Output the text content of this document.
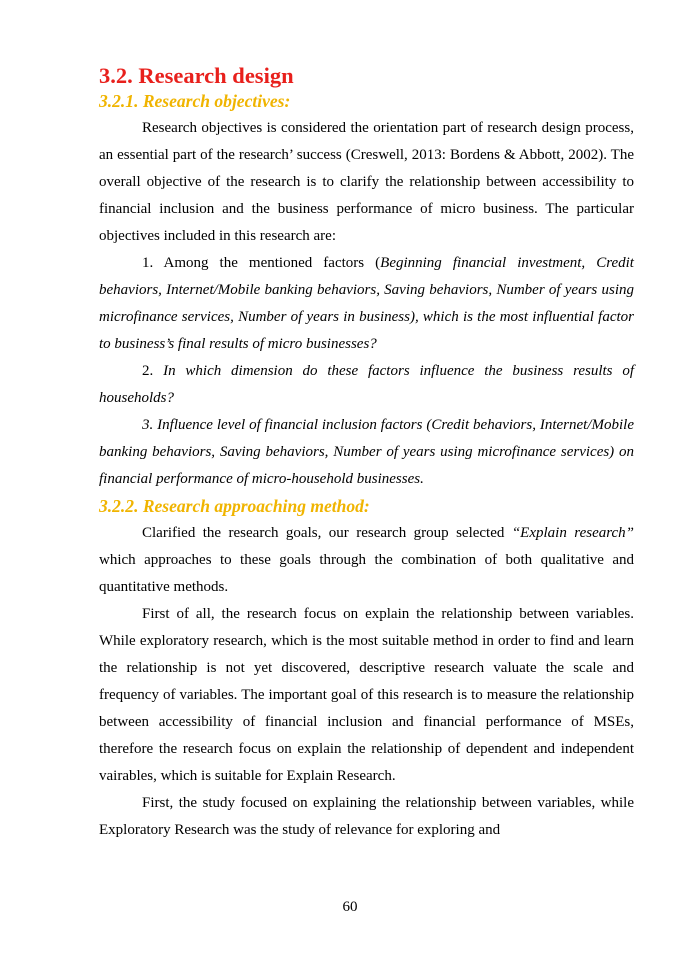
3.2. Research design
3.2.1. Research objectives:

Research objectives is considered the orientation part of research design process, an essential part of the research’ success (Creswell, 2013: Bordens & Abbott, 2002). The overall objective of the research is to clarify the relationship between accessibility to financial inclusion and the business performance of micro business. The particular objectives included in this research are:

1. Among the mentioned factors (Beginning financial investment, Credit behaviors, Internet/Mobile banking behaviors, Saving behaviors, Number of years using microfinance services, Number of years in business), which is the most influential factor to business’s final results of micro businesses?

2. In which dimension do these factors influence the business results of households?

3. Influence level of financial inclusion factors (Credit behaviors, Internet/Mobile banking behaviors, Saving behaviors, Number of years using microfinance services) on financial performance of micro-household businesses.

3.2.2. Research approaching method:

Clarified the research goals, our research group selected “Explain research” which approaches to these goals through the combination of both qualitative and quantitative methods.

First of all, the research focus on explain the relationship between variables. While exploratory research, which is the most suitable method in order to find and learn the relationship is not yet discovered, descriptive research valuate the scale and frequency of variables. The important goal of this research is to measure the relationship between accessibility of financial inclusion and financial performance of MSEs, therefore the research focus on explain the relationship of dependent and independent vairables, which is suitable for Explain Research.

First, the study focused on explaining the relationship between variables, while Exploratory Research was the study of relevance for exploring and

60
